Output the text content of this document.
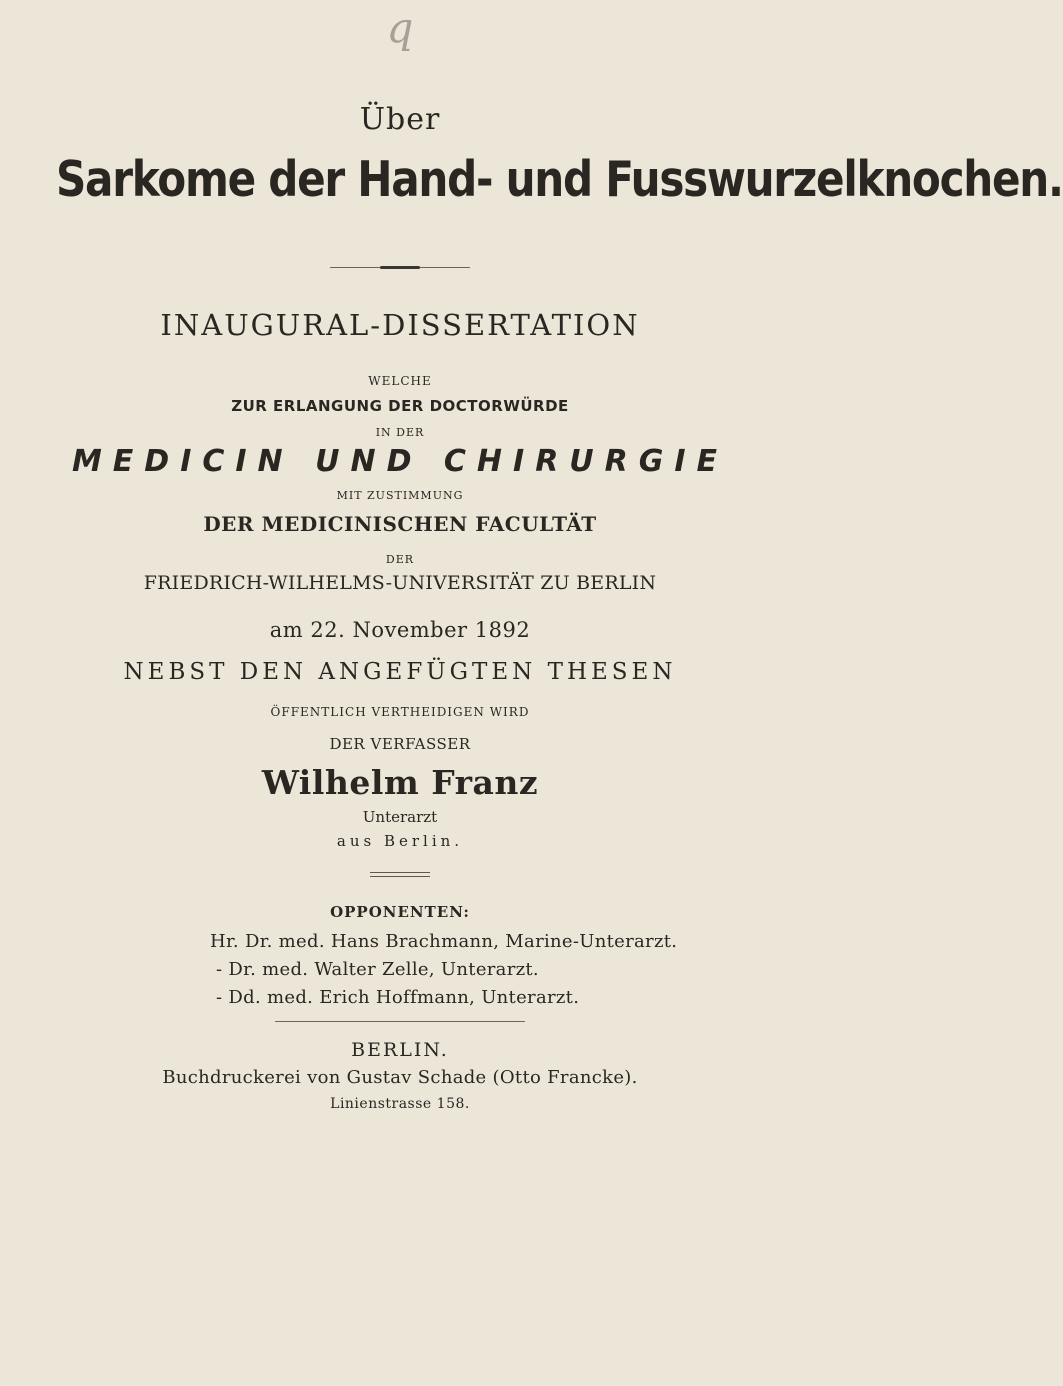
q
Über
Sarkome der Hand- und Fusswurzelknochen.
INAUGURAL-DISSERTATION
WELCHE
ZUR ERLANGUNG DER DOCTORWÜRDE
IN DER
MEDICIN UND CHIRURGIE
MIT ZUSTIMMUNG
DER MEDICINISCHEN FACULTÄT
DER
FRIEDRICH-WILHELMS-UNIVERSITÄT ZU BERLIN
am 22. November 1892
NEBST DEN ANGEFÜGTEN THESEN
ÖFFENTLICH VERTHEIDIGEN WIRD
DER VERFASSER
Wilhelm Franz
Unterarzt
aus Berlin.
OPPONENTEN:
Hr. Dr. med. Hans Brachmann, Marine-Unterarzt.
- Dr. med. Walter Zelle, Unterarzt.
- Dd. med. Erich Hoffmann, Unterarzt.
BERLIN.
Buchdruckerei von Gustav Schade (Otto Francke).
Linienstrasse 158.
